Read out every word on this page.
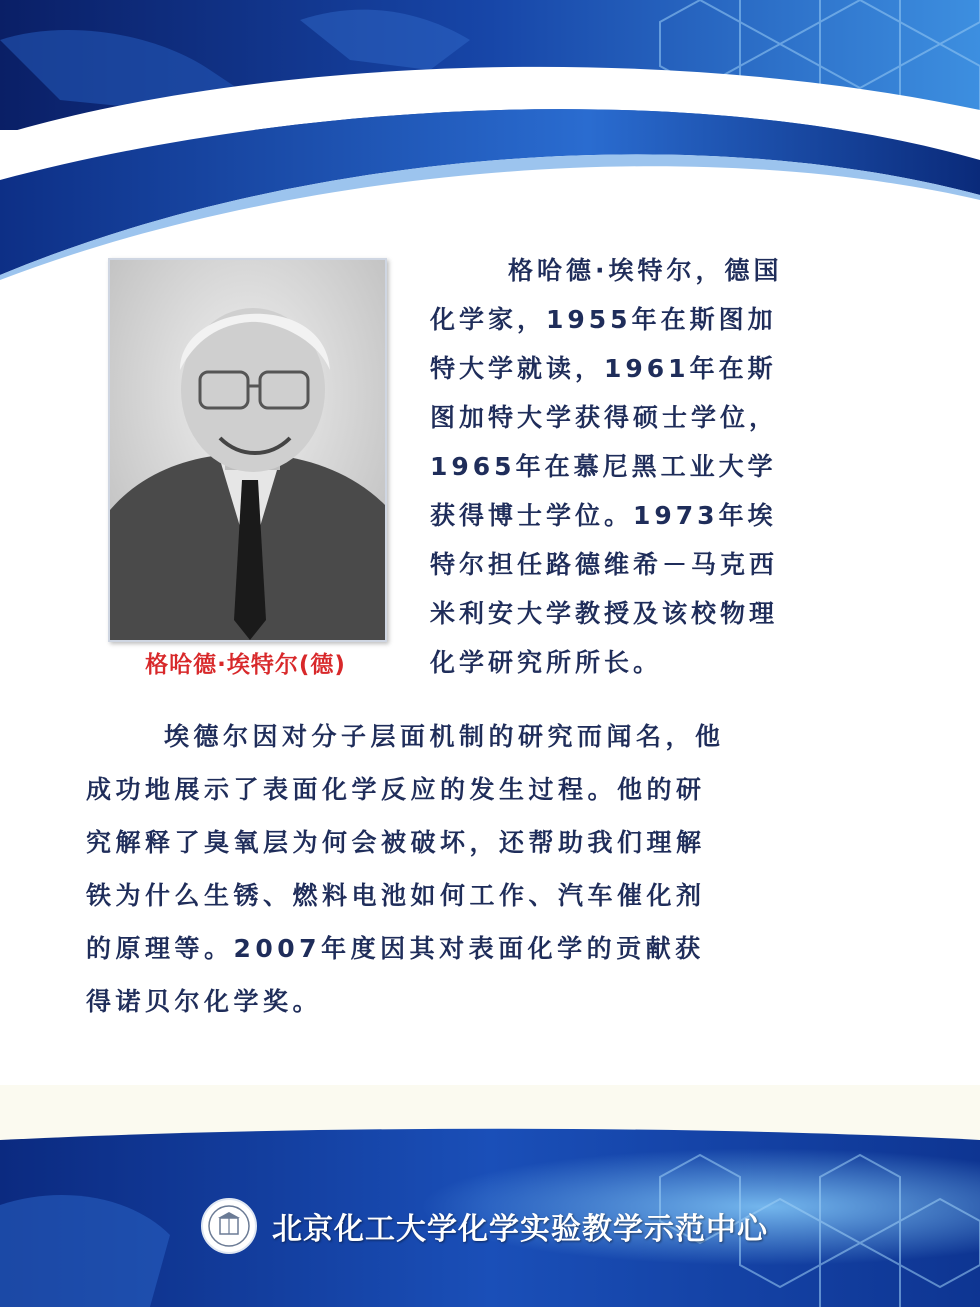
格哈德·埃特尔(德)
格哈德·埃特尔，德国
化学家，1955年在斯图加
特大学就读，1961年在斯
图加特大学获得硕士学位，
1965年在慕尼黑工业大学
获得博士学位。1973年埃
特尔担任路德维希－马克西
米利安大学教授及该校物理
化学研究所所长。
埃德尔因对分子层面机制的研究而闻名，他
成功地展示了表面化学反应的发生过程。他的研
究解释了臭氧层为何会被破坏，还帮助我们理解
铁为什么生锈、燃料电池如何工作、汽车催化剂
的原理等。2007年度因其对表面化学的贡献获
得诺贝尔化学奖。
北京化工大学化学实验教学示范中心
